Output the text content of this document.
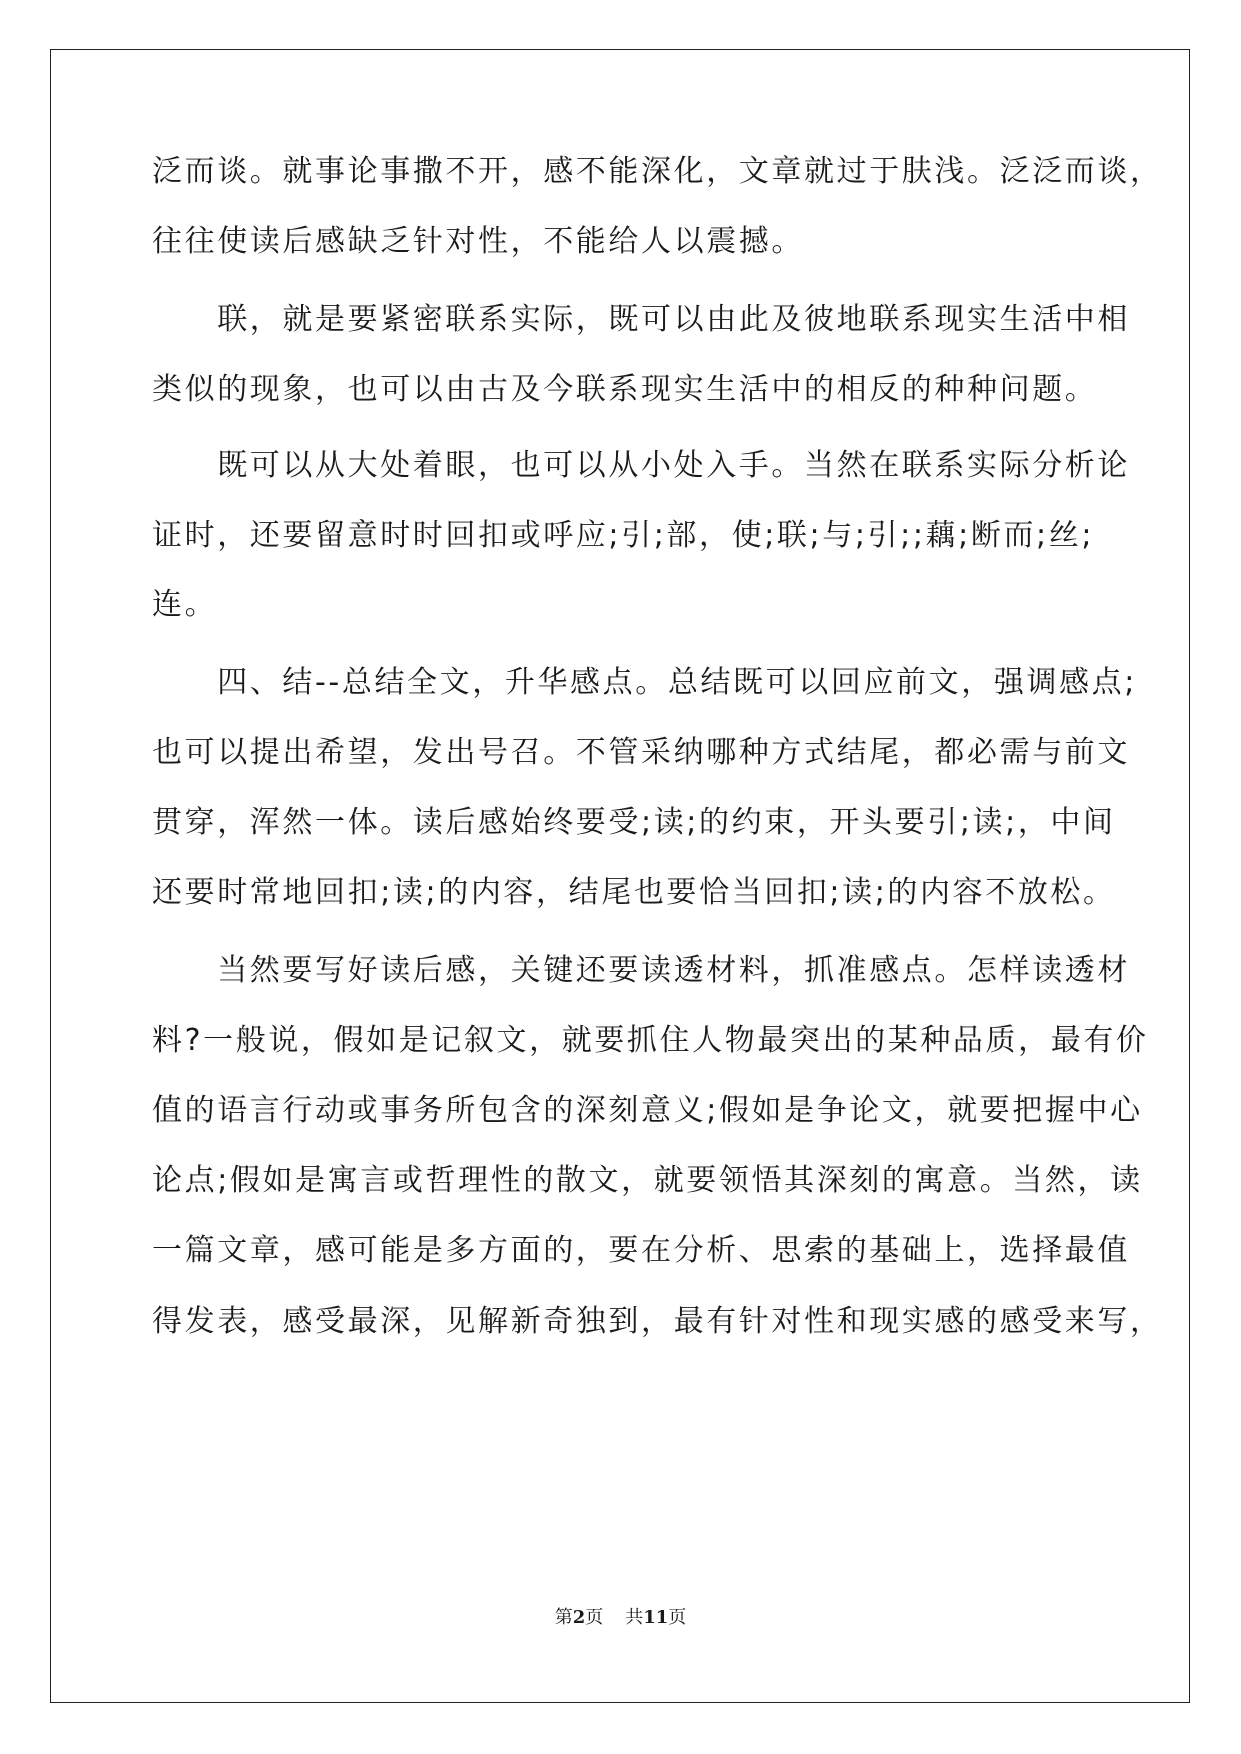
泛而谈。就事论事撒不开，感不能深化，文章就过于肤浅。泛泛而谈，
往往使读后感缺乏针对性，不能给人以震撼。
　　联，就是要紧密联系实际，既可以由此及彼地联系现实生活中相
类似的现象，也可以由古及今联系现实生活中的相反的种种问题。
　　既可以从大处着眼，也可以从小处入手。当然在联系实际分析论
证时，还要留意时时回扣或呼应;引;部，使;联;与;引;;藕;断而;丝;
连。
　　四、结--总结全文，升华感点。总结既可以回应前文，强调感点;
也可以提出希望，发出号召。不管采纳哪种方式结尾，都必需与前文
贯穿，浑然一体。读后感始终要受;读;的约束，开头要引;读;，中间
还要时常地回扣;读;的内容，结尾也要恰当回扣;读;的内容不放松。
　　当然要写好读后感，关键还要读透材料，抓准感点。怎样读透材
料?一般说，假如是记叙文，就要抓住人物最突出的某种品质，最有价
值的语言行动或事务所包含的深刻意义;假如是争论文，就要把握中心
论点;假如是寓言或哲理性的散文，就要领悟其深刻的寓意。当然，读
一篇文章，感可能是多方面的，要在分析、思索的基础上，选择最值
得发表，感受最深，见解新奇独到，最有针对性和现实感的感受来写，
第2页 共11页
